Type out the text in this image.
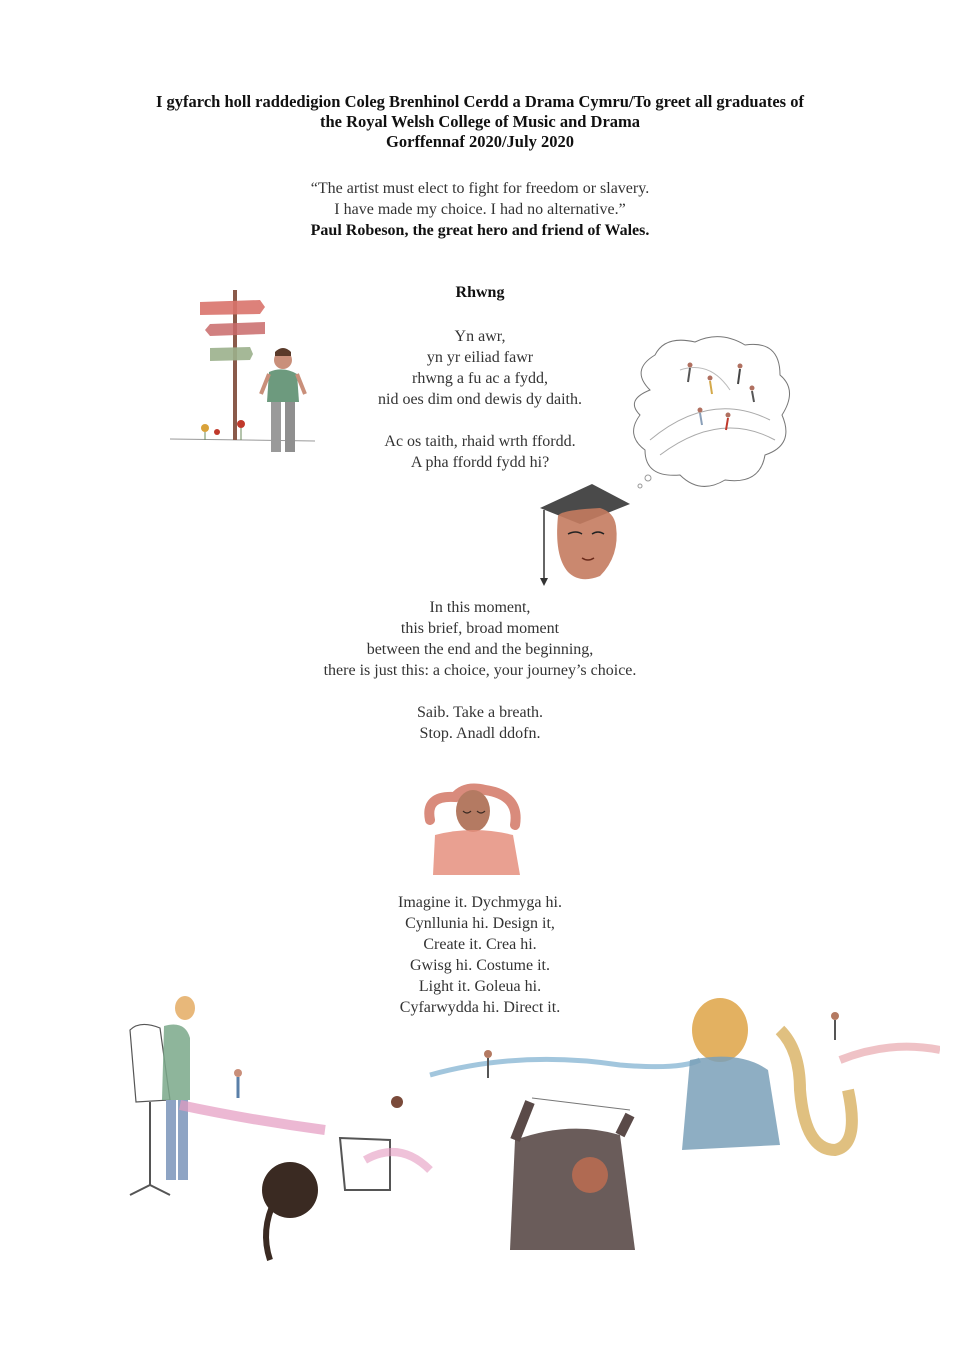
I gyfarch holl raddedigion Coleg Brenhinol Cerdd a Drama Cymru/To greet all graduates of
the Royal Welsh College of Music and Drama
Gorffennaf 2020/July 2020
“The artist must elect to fight for freedom or slavery.
I have made my choice. I had no alternative.”
Paul Robeson, the great hero and friend of Wales.
Rhwng
Yn awr,
yn yr eiliad fawr
rhwng a fu ac a fydd,
nid oes dim ond dewis dy daith.
Ac os taith, rhaid wrth ffordd.
A pha ffordd fydd hi?
In this moment,
this brief, broad moment
between the end and the beginning,
there is just this: a choice, your journey’s choice.
Saib. Take a breath.
Stop. Anadl ddofn.
Imagine it. Dychmyga hi.
Cynllunia hi. Design it,
Create it. Crea hi.
Gwisg hi. Costume it.
Light it. Goleua hi.
Cyfarwydda hi. Direct it.
